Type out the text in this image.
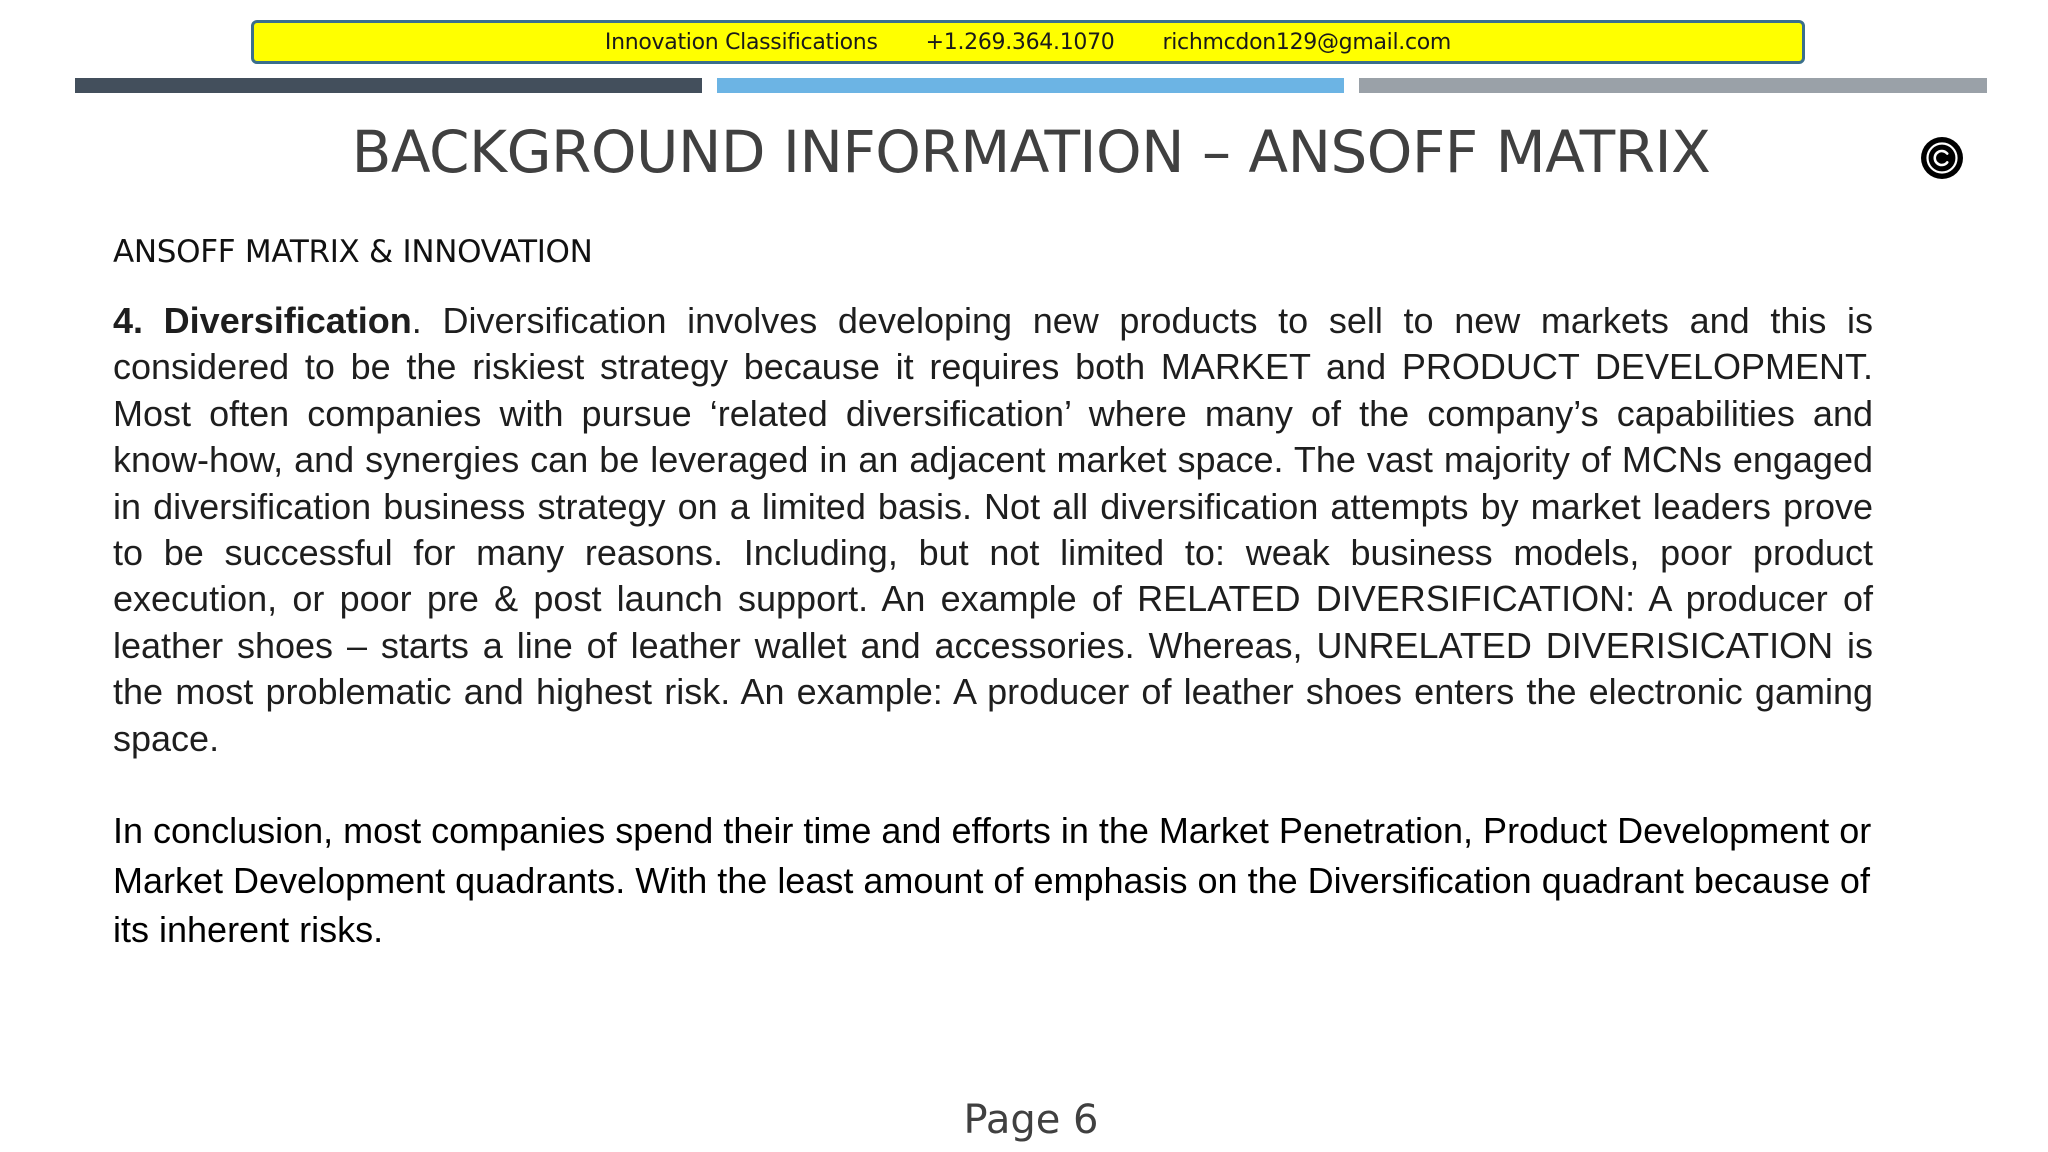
Innovation Classifications +1.269.364.1070 richmcdon129@gmail.com
BACKGROUND INFORMATION – ANSOFF MATRIX
ANSOFF MATRIX & INNOVATION

4. Diversification. Diversification involves developing new products to sell to new markets and this is considered to be the riskiest strategy because it requires both MARKET and PRODUCT DEVELOPMENT. Most often companies with pursue ‘related diversification’ where many of the company’s capabilities and know-how, and synergies can be leveraged in an adjacent market space. The vast majority of MCNs engaged in diversification business strategy on a limited basis. Not all diversification attempts by market leaders prove to be successful for many reasons. Including, but not limited to: weak business models, poor product execution, or poor pre & post launch support. An example of RELATED DIVERSIFICATION: A producer of leather shoes – starts a line of leather wallet and accessories. Whereas, UNRELATED DIVERISICATION is the most problematic and highest risk. An example: A producer of leather shoes enters the electronic gaming space.

In conclusion, most companies spend their time and efforts in the Market Penetration, Product Development or Market Development quadrants. With the least amount of emphasis on the Diversification quadrant because of its inherent risks.

Page 6
